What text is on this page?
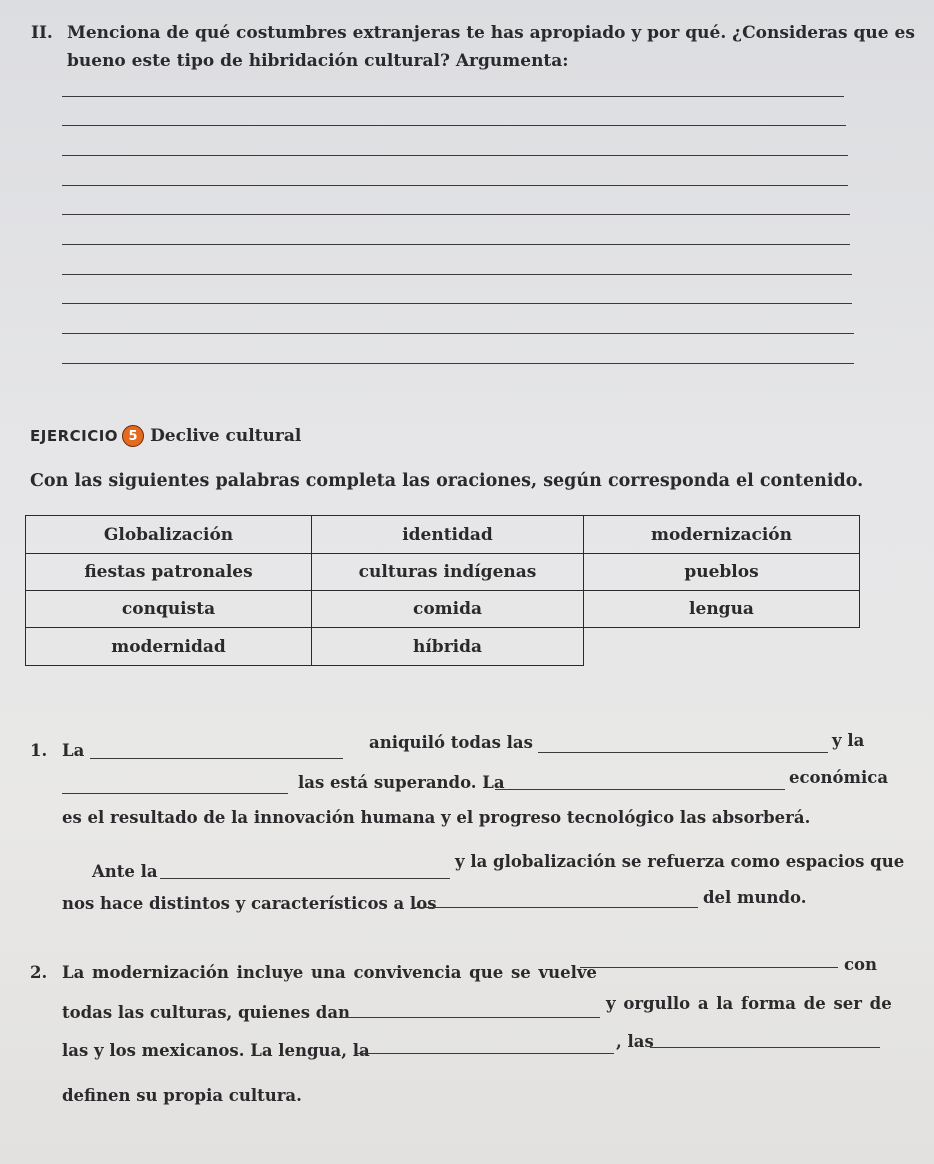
II. Menciona de qué costumbres extranjeras te has apropiado y por qué. ¿Consideras que es
bueno este tipo de hibridación cultural? Argumenta:
EJERCICIO 5 Declive cultural
Con las siguientes palabras completa las oraciones, según corresponda el contenido.
Globalización	identidad	modernización
fiestas patronales	culturas indígenas	pueblos
conquista	comida	lengua
modernidad	híbrida	
1. La	aniquiló todas las	y la
las está superando. La	económica
es el resultado de la innovación humana y el progreso tecnológico las absorberá.
Ante la
y la globalización se refuerza como espacios que
nos hace distintos y característicos a los	del mundo.
2. La modernización incluye una convivencia que se vuelve	con
todas las culturas, quienes dan	y orgullo a la forma de ser de
las y los mexicanos. La lengua, la	, las
definen su propia cultura.
